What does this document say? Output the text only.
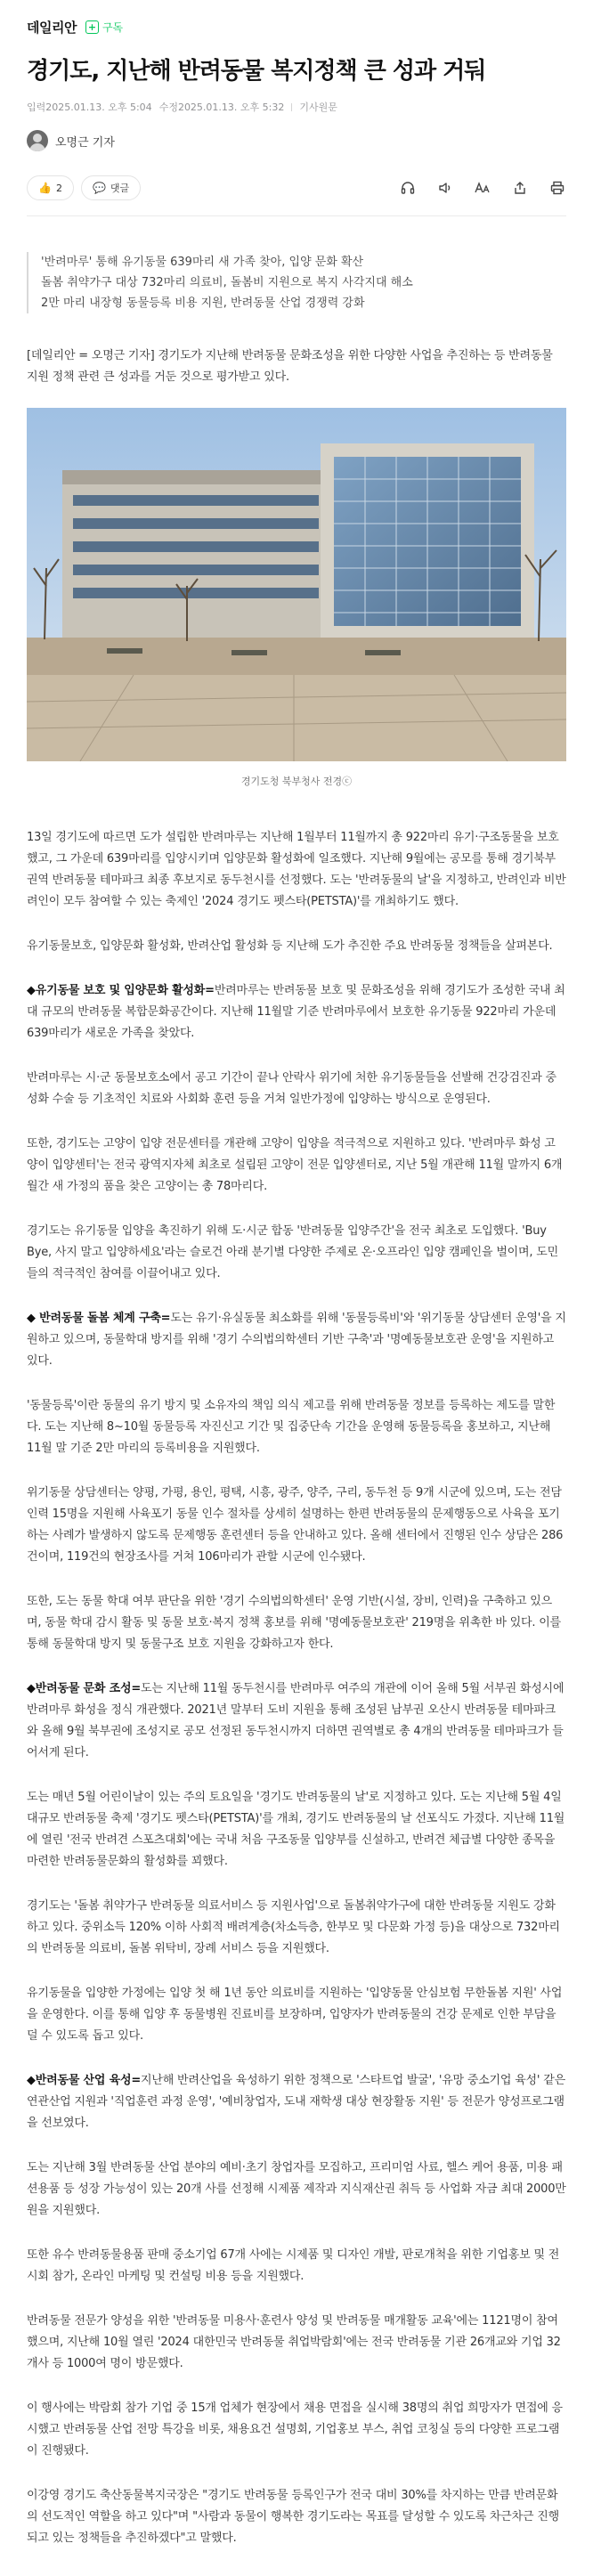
데일리안 + 구독
경기도, 지난해 반려동물 복지정책 큰 성과 거둬
입력2025.01.13. 오후 5:04 수정2025.01.13. 오후 5:32 기사원문
오명근 기자
👍 2	💬 댓글
'반려마루' 통해 유기동물 639마리 새 가족 찾아, 입양 문화 확산
돌봄 취약가구 대상 732마리 의료비, 돌봄비 지원으로 복지 사각지대 해소
2만 마리 내장형 동물등록 비용 지원, 반려동물 산업 경쟁력 강화

[데일리안 = 오명근 기자] 경기도가 지난해 반려동물 문화조성을 위한 다양한 사업을 추진하는 등 반려동물 지원 정책 관련 큰 성과를 거둔 것으로 평가받고 있다.

경기도청 북부청사 전경ⓒ

13일 경기도에 따르면 도가 설립한 반려마루는 지난해 1월부터 11월까지 총 922마리 유기·구조동물을 보호했고, 그 가운데 639마리를 입양시키며 입양문화 활성화에 일조했다. 지난해 9월에는 공모를 통해 경기북부 권역 반려동물 테마파크 최종 후보지로 동두천시를 선정했다. 도는 '반려동물의 날'을 지정하고, 반려인과 비반려인이 모두 참여할 수 있는 축제인 '2024 경기도 펫스타(PETSTA)'를 개최하기도 했다.

유기동물보호, 입양문화 활성화, 반려산업 활성화 등 지난해 도가 추진한 주요 반려동물 정책들을 살펴본다.

◆유기동물 보호 및 입양문화 활성화=반려마루는 반려동물 보호 및 문화조성을 위해 경기도가 조성한 국내 최대 규모의 반려동물 복합문화공간이다. 지난해 11월말 기준 반려마루에서 보호한 유기동물 922마리 가운데 639마리가 새로운 가족을 찾았다.

반려마루는 시·군 동물보호소에서 공고 기간이 끝나 안락사 위기에 처한 유기동물들을 선발해 건강검진과 중성화 수술 등 기초적인 치료와 사회화 훈련 등을 거쳐 일반가정에 입양하는 방식으로 운영된다.

또한, 경기도는 고양이 입양 전문센터를 개관해 고양이 입양을 적극적으로 지원하고 있다. '반려마루 화성 고양이 입양센터'는 전국 광역지자체 최초로 설립된 고양이 전문 입양센터로, 지난 5월 개관해 11월 말까지 6개월간 새 가정의 품을 찾은 고양이는 총 78마리다.

경기도는 유기동물 입양을 촉진하기 위해 도·시군 합동 '반려동물 입양주간'을 전국 최초로 도입했다. 'Buy Bye, 사지 말고 입양하세요'라는 슬로건 아래 분기별 다양한 주제로 온·오프라인 입양 캠페인을 벌이며, 도민들의 적극적인 참여를 이끌어내고 있다.

◆ 반려동물 돌봄 체계 구축=도는 유기·유실동물 최소화를 위해 '동물등록비'와 '위기동물 상담센터 운영'을 지원하고 있으며, 동물학대 방지를 위해 '경기 수의법의학센터 기반 구축'과 '명예동물보호관 운영'을 지원하고 있다.

'동물등록'이란 동물의 유기 방지 및 소유자의 책임 의식 제고를 위해 반려동물 정보를 등록하는 제도를 말한다. 도는 지난해 8~10월 동물등록 자진신고 기간 및 집중단속 기간을 운영해 동물등록을 홍보하고, 지난해 11월 말 기준 2만 마리의 등록비용을 지원했다.

위기동물 상담센터는 양평, 가평, 용인, 평택, 시흥, 광주, 양주, 구리, 동두천 등 9개 시군에 있으며, 도는 전담 인력 15명을 지원해 사육포기 동물 인수 절차를 상세히 설명하는 한편 반려동물의 문제행동으로 사육을 포기하는 사례가 발생하지 않도록 문제행동 훈련센터 등을 안내하고 있다. 올해 센터에서 진행된 인수 상담은 286건이며, 119건의 현장조사를 거쳐 106마리가 관할 시군에 인수됐다.

또한, 도는 동물 학대 여부 판단을 위한 '경기 수의법의학센터' 운영 기반(시설, 장비, 인력)을 구축하고 있으며, 동물 학대 감시 활동 및 동물 보호·복지 정책 홍보를 위해 '명예동물보호관' 219명을 위촉한 바 있다. 이를 통해 동물학대 방지 및 동물구조 보호 지원을 강화하고자 한다.

◆반려동물 문화 조성=도는 지난해 11월 동두천시를 반려마루 여주의 개관에 이어 올해 5월 서부권 화성시에 반려마루 화성을 정식 개관했다. 2021년 말부터 도비 지원을 통해 조성된 남부권 오산시 반려동물 테마파크와 올해 9월 북부권에 조성지로 공모 선정된 동두천시까지 더하면 권역별로 총 4개의 반려동물 테마파크가 들어서게 된다.

도는 매년 5월 어린이날이 있는 주의 토요일을 '경기도 반려동물의 날'로 지정하고 있다. 도는 지난해 5월 4일 대규모 반려동물 축제 '경기도 펫스타(PETSTA)'를 개최, 경기도 반려동물의 날 선포식도 가졌다. 지난해 11월에 열린 '전국 반려견 스포츠대회'에는 국내 처음 구조동물 입양부를 신설하고, 반려견 체급별 다양한 종목을 마련한 반려동물문화의 활성화를 꾀했다.

경기도는 '돌봄 취약가구 반려동물 의료서비스 등 지원사업'으로 돌봄취약가구에 대한 반려동물 지원도 강화하고 있다. 중위소득 120% 이하 사회적 배려계층(차소득층, 한부모 및 다문화 가정 등)을 대상으로 732마리의 반려동물 의료비, 돌봄 위탁비, 장례 서비스 등을 지원했다.

유기동물을 입양한 가정에는 입양 첫 해 1년 동안 의료비를 지원하는 '입양동물 안심보험 무한돌봄 지원' 사업을 운영한다. 이를 통해 입양 후 동물병원 진료비를 보장하며, 입양자가 반려동물의 건강 문제로 인한 부담을 덜 수 있도록 돕고 있다.

◆반려동물 산업 육성=지난해 반려산업을 육성하기 위한 정책으로 '스타트업 발굴', '유망 중소기업 육성' 같은 연관산업 지원과 '직업훈련 과정 운영', '예비창업자, 도내 재학생 대상 현장활동 지원' 등 전문가 양성프로그램을 선보였다.

도는 지난해 3월 반려동물 산업 분야의 예비·초기 창업자를 모집하고, 프리미엄 사료, 헬스 케어 용품, 미용 패션용품 등 성장 가능성이 있는 20개 사를 선정해 시제품 제작과 지식재산권 취득 등 사업화 자금 최대 2000만 원을 지원했다.

또한 유수 반려동물용품 판매 중소기업 67개 사에는 시제품 및 디자인 개발, 판로개척을 위한 기업홍보 및 전시회 참가, 온라인 마케팅 및 컨설팅 비용 등을 지원했다.

반려동물 전문가 양성을 위한 '반려동물 미용사·훈련사 양성 및 반려동물 매개활동 교육'에는 1121명이 참여했으며, 지난해 10월 열린 '2024 대한민국 반려동물 취업박람회'에는 전국 반려동물 기관 26개교와 기업 32개사 등 1000여 명이 방문했다.

이 행사에는 박람회 참가 기업 중 15개 업체가 현장에서 채용 면접을 실시해 38명의 취업 희망자가 면접에 응시했고 반려동물 산업 전망 특강을 비롯, 채용요건 설명회, 기업홍보 부스, 취업 코칭실 등의 다양한 프로그램이 진행됐다.

이강영 경기도 축산동물복지국장은 "경기도 반려동물 등록인구가 전국 대비 30%를 차지하는 만큼 반려문화의 선도적인 역할을 하고 있다"며 "사람과 동물이 행복한 경기도라는 목표를 달성할 수 있도록 차근차근 진행되고 있는 정책들을 추진하겠다"고 말했다.
